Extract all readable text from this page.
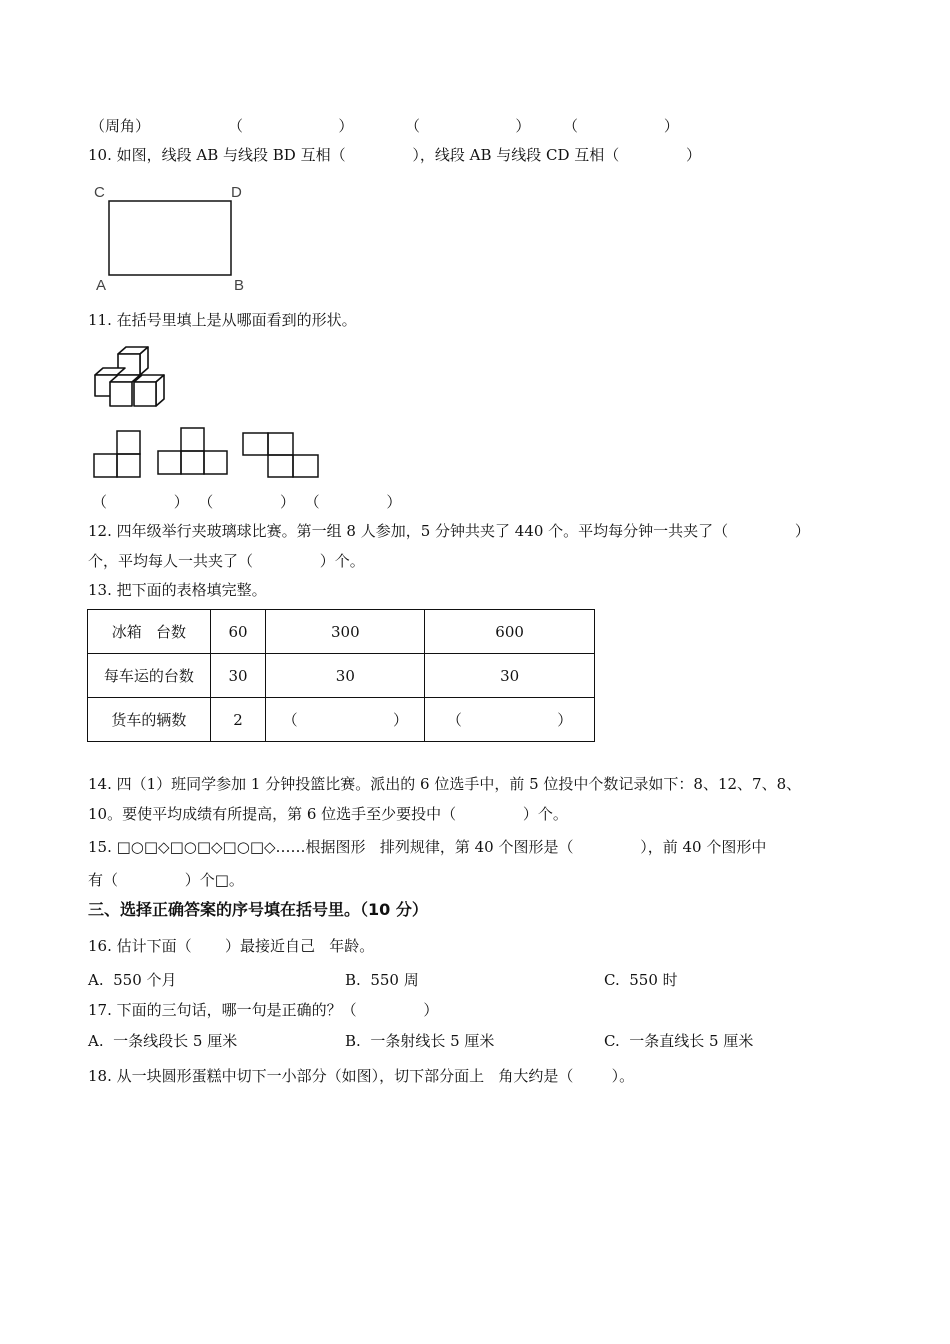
（周角）	（                    ）	（                    ） （                  ）
10. 如图，线段 AB 与线段 BD 互相（              ），线段 AB 与线段 CD 互相（              ）
C	D
A	B
11. 在括号里填上是从哪面看到的形状。
（              ）  （              ）  （              ）
12. 四年级举行夹玻璃球比赛。第一组 8 人参加，5 分钟共夹了 440 个。平均每分钟一共夹了（              ）
个，平均每人一共夹了（              ）个。
13. 把下面的表格填完整。
冰箱   台数	60	300	600
每车运的台数	30	30	30
货车的辆数	2	（                    ）	（                    ）
14. 四（1）班同学参加 1 分钟投篮比赛。派出的 6 位选手中，前 5 位投中个数记录如下：8、12、7、8、
10。要使平均成绩有所提高，第 6 位选手至少要投中（              ）个。
15. □○□◇□○□◇□○□◇……根据图形   排列规律，第 40 个图形是（              ），前 40 个图形中
有（              ）个□。
三、选择正确答案的序号填在括号里。（10 分）
16. 估计下面（       ）最接近自己   年龄。
A.  550 个月	B.  550 周	C.  550 时
17. 下面的三句话，哪一句是正确的？（              ）
A.  一条线段长 5 厘米	B.  一条射线长 5 厘米	C.  一条直线长 5 厘米
18. 从一块圆形蛋糕中切下一小部分（如图），切下部分面上   角大约是（        ）。
